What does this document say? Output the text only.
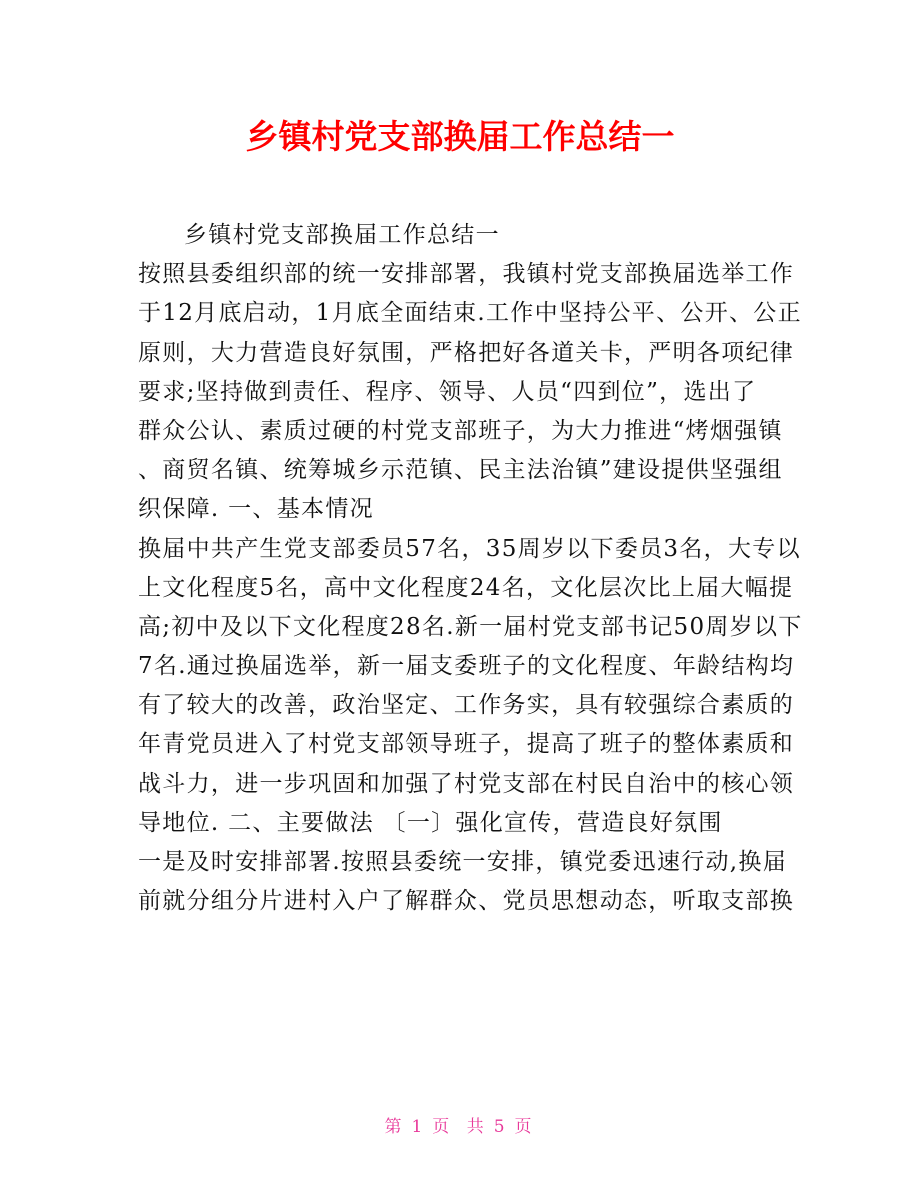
乡镇村党支部换届工作总结一
乡镇村党支部换届工作总结一
按照县委组织部的统一安排部署，我镇村党支部换届选举工作
于12月底启动，1月底全面结束.工作中坚持公平、公开、公正
原则，大力营造良好氛围，严格把好各道关卡，严明各项纪律
要求;坚持做到责任、程序、领导、人员“四到位”，选出了
群众公认、素质过硬的村党支部班子，为大力推进“烤烟强镇
、商贸名镇、统筹城乡示范镇、民主法治镇”建设提供坚强组
织保障. 一、基本情况
换届中共产生党支部委员57名，35周岁以下委员3名，大专以
上文化程度5名，高中文化程度24名，文化层次比上届大幅提
高;初中及以下文化程度28名.新一届村党支部书记50周岁以下
7名.通过换届选举，新一届支委班子的文化程度、年龄结构均
有了较大的改善，政治坚定、工作务实，具有较强综合素质的
年青党员进入了村党支部领导班子，提高了班子的整体素质和
战斗力，进一步巩固和加强了村党支部在村民自治中的核心领
导地位. 二、主要做法 〔一〕强化宣传，营造良好氛围
一是及时安排部署.按照县委统一安排，镇党委迅速行动,换届
前就分组分片进村入户了解群众、党员思想动态，听取支部换
第 1 页 共 5 页
